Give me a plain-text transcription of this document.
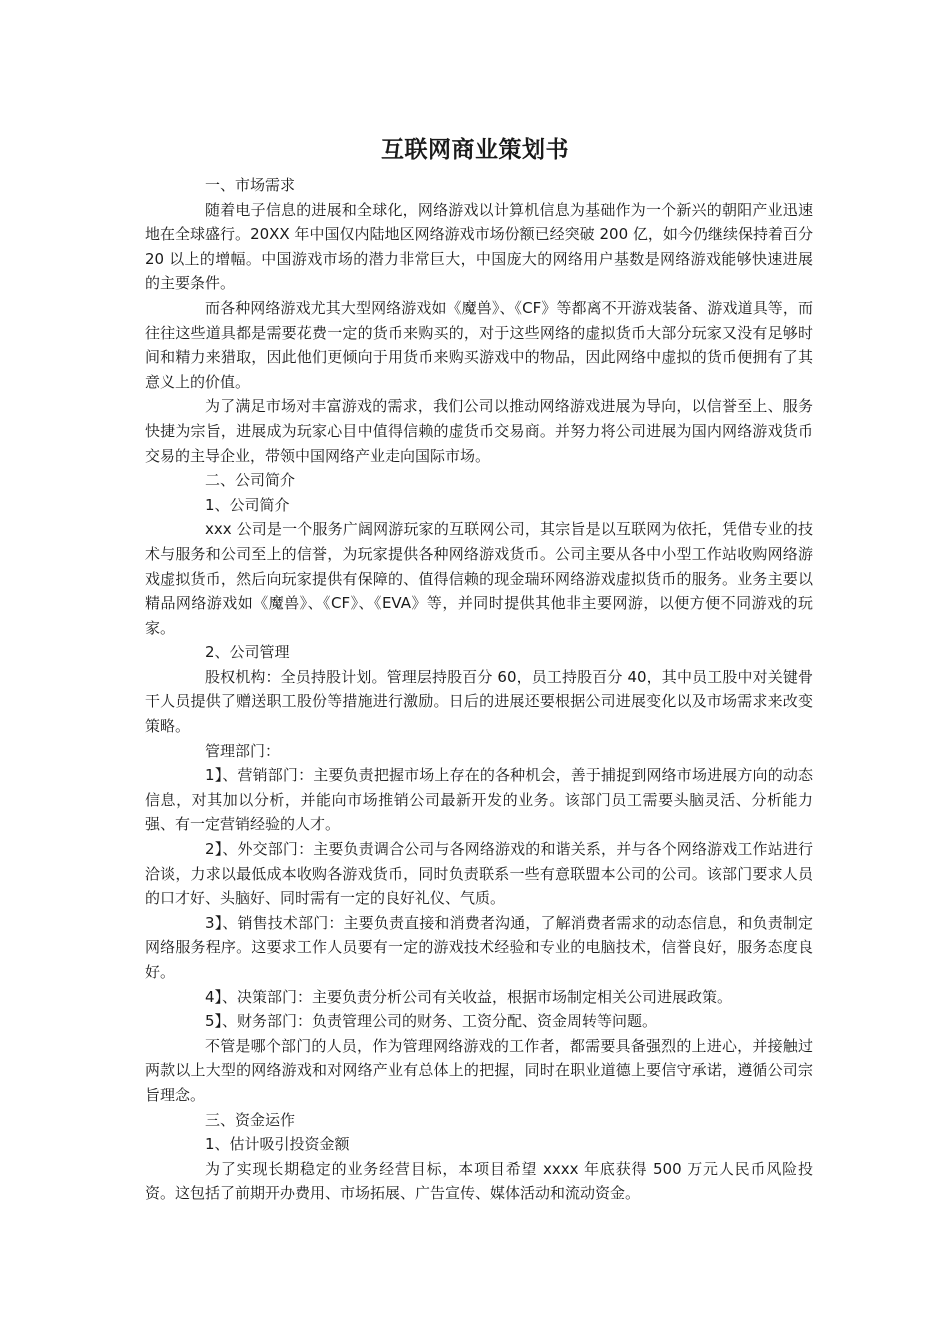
互联网商业策划书

一、市场需求

随着电子信息的进展和全球化，网络游戏以计算机信息为基础作为一个新兴的朝阳产业迅速地在全球盛行。20XX 年中国仅内陆地区网络游戏市场份额已经突破 200 亿，如今仍继续保持着百分 20 以上的增幅。中国游戏市场的潜力非常巨大，中国庞大的网络用户基数是网络游戏能够快速进展的主要条件。

而各种网络游戏尤其大型网络游戏如《魔兽》、《CF》等都离不开游戏装备、游戏道具等，而往往这些道具都是需要花费一定的货币来购买的，对于这些网络的虚拟货币大部分玩家又没有足够时间和精力来猎取，因此他们更倾向于用货币来购买游戏中的物品，因此网络中虚拟的货币便拥有了其意义上的价值。

为了满足市场对丰富游戏的需求，我们公司以推动网络游戏进展为导向，以信誉至上、服务快捷为宗旨，进展成为玩家心目中值得信赖的虚货币交易商。并努力将公司进展为国内网络游戏货币交易的主导企业，带领中国网络产业走向国际市场。

二、公司简介

1、公司简介

xxx 公司是一个服务广阔网游玩家的互联网公司，其宗旨是以互联网为依托，凭借专业的技术与服务和公司至上的信誉，为玩家提供各种网络游戏货币。公司主要从各中小型工作站收购网络游戏虚拟货币，然后向玩家提供有保障的、值得信赖的现金瑞环网络游戏虚拟货币的服务。业务主要以精品网络游戏如《魔兽》、《CF》、《EVA》等，并同时提供其他非主要网游，以便方便不同游戏的玩家。

2、公司管理

股权机构：全员持股计划。管理层持股百分 60，员工持股百分 40，其中员工股中对关键骨干人员提供了赠送职工股份等措施进行激励。日后的进展还要根据公司进展变化以及市场需求来改变策略。

管理部门：

1】、营销部门：主要负责把握市场上存在的各种机会，善于捕捉到网络市场进展方向的动态信息，对其加以分析，并能向市场推销公司最新开发的业务。该部门员工需要头脑灵活、分析能力强、有一定营销经验的人才。

2】、外交部门：主要负责调合公司与各网络游戏的和谐关系，并与各个网络游戏工作站进行洽谈，力求以最低成本收购各游戏货币，同时负责联系一些有意联盟本公司的公司。该部门要求人员的口才好、头脑好、同时需有一定的良好礼仪、气质。

3】、销售技术部门：主要负责直接和消费者沟通，了解消费者需求的动态信息，和负责制定网络服务程序。这要求工作人员要有一定的游戏技术经验和专业的电脑技术，信誉良好，服务态度良好。

4】、决策部门：主要负责分析公司有关收益，根据市场制定相关公司进展政策。

5】、财务部门：负责管理公司的财务、工资分配、资金周转等问题。

不管是哪个部门的人员，作为管理网络游戏的工作者，都需要具备强烈的上进心，并接触过两款以上大型的网络游戏和对网络产业有总体上的把握，同时在职业道德上要信守承诺，遵循公司宗旨理念。

三、资金运作

1、估计吸引投资金额

为了实现长期稳定的业务经营目标，本项目希望 xxxx 年底获得 500 万元人民币风险投资。这包括了前期开办费用、市场拓展、广告宣传、媒体活动和流动资金。
